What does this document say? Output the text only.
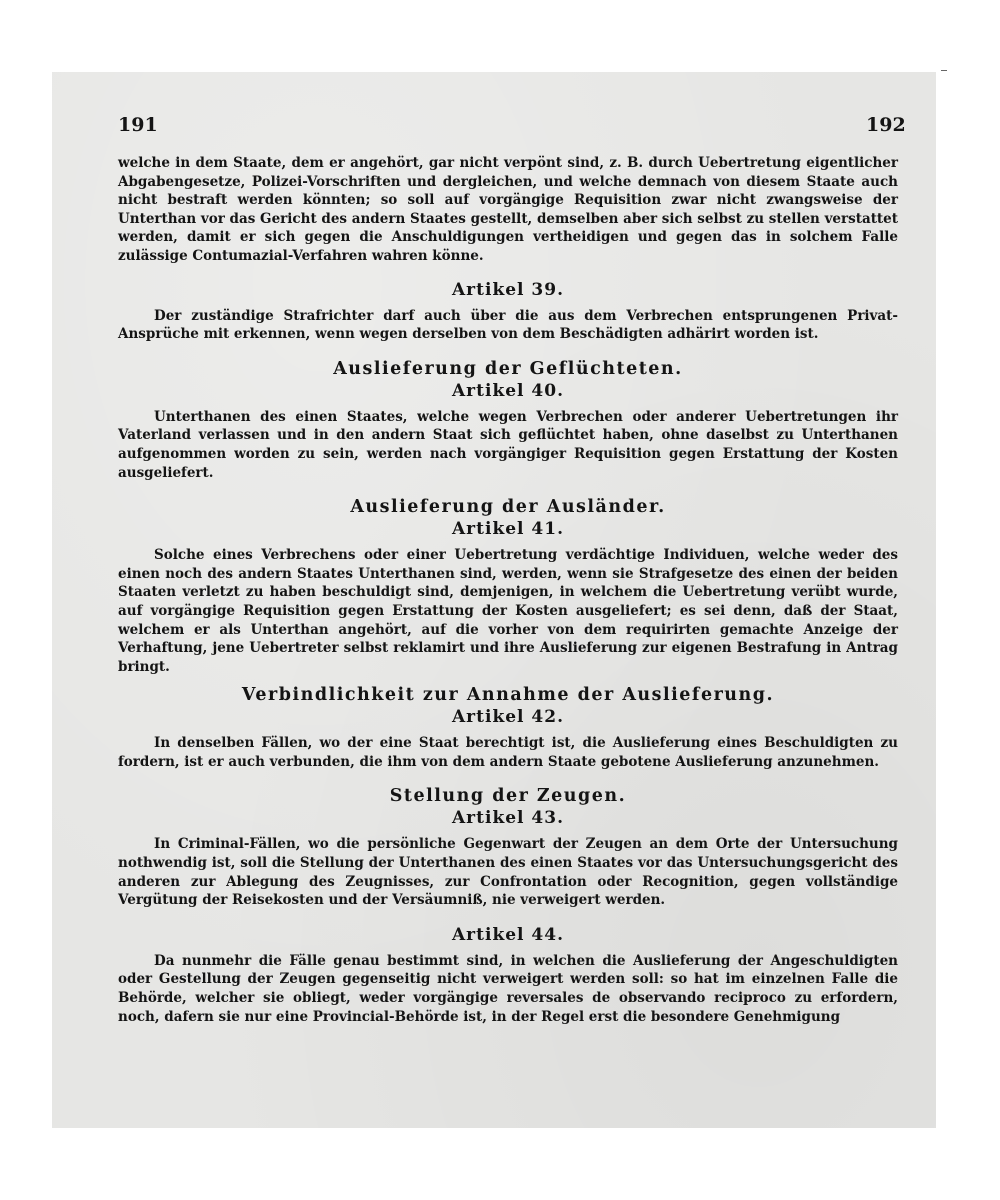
191	192

welche in dem Staate, dem er angehört, gar nicht verpönt sind, z. B. durch Uebertretung eigentlicher Abgabengesetze, Polizei-Vorschriften und dergleichen, und welche demnach von diesem Staate auch nicht bestraft werden könnten; so soll auf vorgängige Requisition zwar nicht zwangsweise der Unterthan vor das Gericht des andern Staates gestellt, demselben aber sich selbst zu stellen verstattet werden, damit er sich gegen die Anschuldigungen vertheidigen und gegen das in solchem Falle zulässige Contumazial-Verfahren wahren könne.

Artikel 39.

Der zuständige Strafrichter darf auch über die aus dem Verbrechen entsprungenen Privat-Ansprüche mit erkennen, wenn wegen derselben von dem Beschädigten adhärirt worden ist.

Auslieferung der Geflüchteten.
Artikel 40.

Unterthanen des einen Staates, welche wegen Verbrechen oder anderer Uebertretungen ihr Vaterland verlassen und in den andern Staat sich geflüchtet haben, ohne daselbst zu Unterthanen aufgenommen worden zu sein, werden nach vorgängiger Requisition gegen Erstattung der Kosten ausgeliefert.

Auslieferung der Ausländer.
Artikel 41.

Solche eines Verbrechens oder einer Uebertretung verdächtige Individuen, welche weder des einen noch des andern Staates Unterthanen sind, werden, wenn sie Strafgesetze des einen der beiden Staaten verletzt zu haben beschuldigt sind, demjenigen, in welchem die Uebertretung verübt wurde, auf vorgängige Requisition gegen Erstattung der Kosten ausgeliefert; es sei denn, daß der Staat, welchem er als Unterthan angehört, auf die vorher von dem requirirten gemachte Anzeige der Verhaftung, jene Uebertreter selbst reklamirt und ihre Auslieferung zur eigenen Bestrafung in Antrag bringt.

Verbindlichkeit zur Annahme der Auslieferung.
Artikel 42.

In denselben Fällen, wo der eine Staat berechtigt ist, die Auslieferung eines Beschuldigten zu fordern, ist er auch verbunden, die ihm von dem andern Staate gebotene Auslieferung anzunehmen.

Stellung der Zeugen.
Artikel 43.

In Criminal-Fällen, wo die persönliche Gegenwart der Zeugen an dem Orte der Untersuchung nothwendig ist, soll die Stellung der Unterthanen des einen Staates vor das Untersuchungsgericht des anderen zur Ablegung des Zeugnisses, zur Confrontation oder Recognition, gegen vollständige Vergütung der Reisekosten und der Versäumniß, nie verweigert werden.

Artikel 44.

Da nunmehr die Fälle genau bestimmt sind, in welchen die Auslieferung der Angeschuldigten oder Gestellung der Zeugen gegenseitig nicht verweigert werden soll: so hat im einzelnen Falle die Behörde, welcher sie obliegt, weder vorgängige reversales de observando reciproco zu erfordern, noch, dafern sie nur eine Provincial-Behörde ist, in der Regel erst die besondere Genehmigung
